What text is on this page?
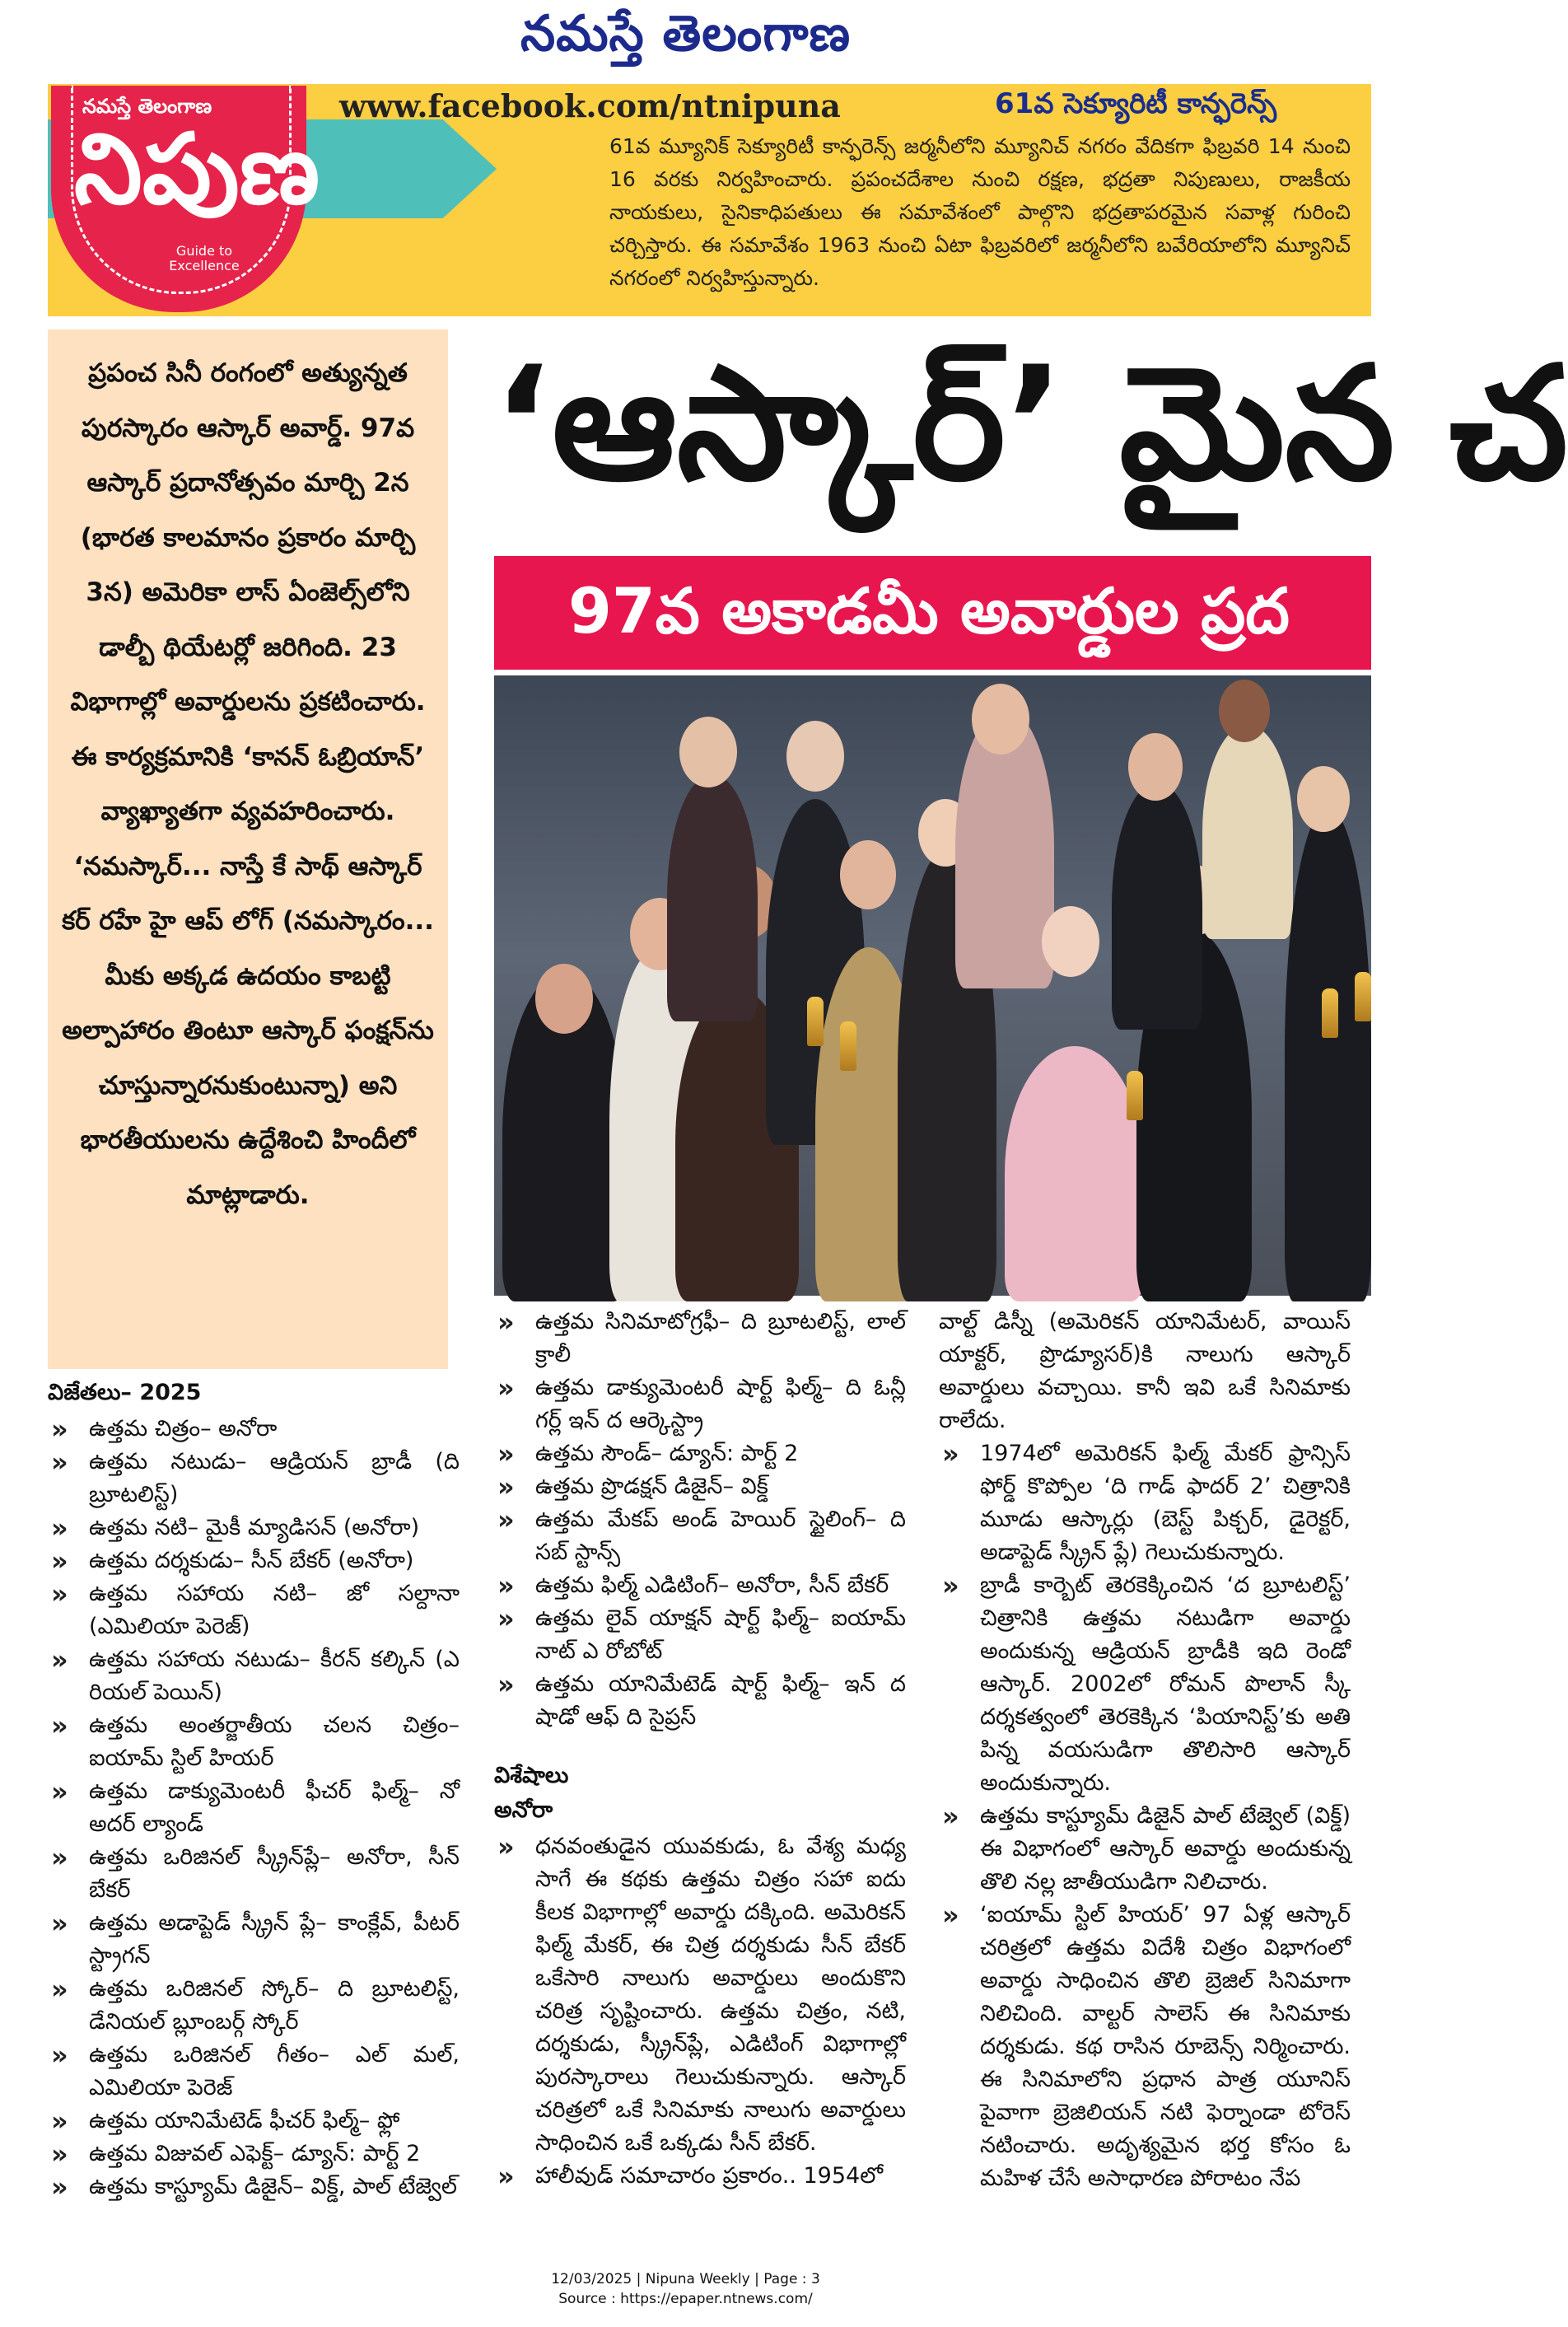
నమస్తే తెలంగాణ
నమస్తే తెలంగాణ
నిపుణ
Guide to Excellence
www.facebook.com/ntnipuna	61వ సెక్యూరిటీ కాన్ఫరెన్స్
61వ మ్యూనిక్ సెక్యూరిటీ కాన్ఫరెన్స్ జర్మనీలోని మ్యూనిచ్ నగరం వేదికగా ఫిబ్రవరి 14 నుంచి 16 వరకు నిర్వహించారు. ప్రపంచదేశాల నుంచి రక్షణ, భద్రతా నిపుణులు, రాజకీయ నాయకులు, సైనికాధిపతులు ఈ సమావేశంలో పాల్గొని భద్రతాపరమైన సవాళ్ల గురించి చర్చిస్తారు. ఈ సమావేశం 1963 నుంచి ఏటా ఫిబ్రవరిలో జర్మనీలోని బవేరియాలోని మ్యూనిచ్ నగరంలో నిర్వహిస్తున్నారు.
ప్రపంచ సినీ రంగంలో అత్యున్నత పురస్కారం ఆస్కార్ అవార్డ్. 97వ ఆస్కార్ ప్రదానోత్సవం మార్చి 2న (భారత కాలమానం ప్రకారం మార్చి 3న) అమెరికా లాస్ ఏంజెల్స్‌లోని డాల్బీ థియేటర్లో జరిగింది. 23 విభాగాల్లో అవార్డులను ప్రకటించారు. ఈ కార్యక్రమానికి ‘కానన్ ఓబ్రియాన్’ వ్యాఖ్యాతగా వ్యవహరించారు. ‘నమస్కార్... నాస్తే కే సాథ్ ఆస్కార్ కర్ రహే హై ఆప్ లోగ్ (నమస్కారం... మీకు అక్కడ ఉదయం కాబట్టి అల్పాహారం తింటూ ఆస్కార్ ఫంక్షన్‌ను చూస్తున్నారనుకుంటున్నా) అని భారతీయులను ఉద్దేశించి హిందీలో మాట్లాడారు.
‘ఆస్కార్’ మైన చ
97వ అకాడమీ అవార్డుల ప్రద
విజేతలు– 2025
» ఉత్తమ చిత్రం– అనోరా
» ఉత్తమ నటుడు– ఆడ్రియన్ బ్రాడీ (ది బ్రూటలిస్ట్)
» ఉత్తమ నటి– మైకీ మ్యాడిసన్ (అనోరా)
» ఉత్తమ దర్శకుడు– సీన్ బేకర్ (అనోరా)
» ఉత్తమ సహాయ నటి– జో సల్దానా (ఎమిలియా పెరెజ్)
» ఉత్తమ సహాయ నటుడు– కీరన్ కల్కిన్ (ఎ రియల్ పెయిన్)
» ఉత్తమ అంతర్జాతీయ చలన చిత్రం– ఐయామ్ స్టిల్ హియర్
» ఉత్తమ డాక్యుమెంటరీ ఫీచర్ ఫిల్మ్– నో అదర్ ల్యాండ్
» ఉత్తమ ఒరిజినల్ స్క్రీన్‌ప్లే– అనోరా, సీన్ బేకర్
» ఉత్తమ అడాప్టెడ్ స్క్రీన్ ప్లే– కాంక్లేవ్, పీటర్ స్ట్రాగన్
» ఉత్తమ ఒరిజినల్ స్కోర్– ది బ్రూటలిస్ట్, డేనియల్ బ్లూంబర్గ్ స్కోర్
» ఉత్తమ ఒరిజినల్ గీతం– ఎల్ మల్, ఎమిలియా పెరెజ్
» ఉత్తమ యానిమేటెడ్ ఫీచర్ ఫిల్మ్– ఫ్లో
» ఉత్తమ విజువల్ ఎఫెక్ట్– డ్యూన్: పార్ట్ 2
» ఉత్తమ కాస్ట్యూమ్ డిజైన్– విక్డ్, పాల్ టేజ్వెల్
» ఉత్తమ సినిమాటోగ్రఫీ– ది బ్రూటలిస్ట్, లాల్ క్రాలీ
» ఉత్తమ డాక్యుమెంటరీ షార్ట్ ఫిల్మ్– ది ఓన్లీ గర్ల్ ఇన్ ద ఆర్కెస్ట్రా
» ఉత్తమ సౌండ్– డ్యూన్: పార్ట్ 2
» ఉత్తమ ప్రొడక్షన్ డిజైన్– విక్డ్
» ఉత్తమ మేకప్ అండ్ హెయిర్ స్టైలింగ్– ది సబ్ స్టాన్స్
» ఉత్తమ ఫిల్మ్ ఎడిటింగ్– అనోరా, సీన్ బేకర్
» ఉత్తమ లైవ్ యాక్షన్ షార్ట్ ఫిల్మ్– ఐయామ్ నాట్ ఎ రోబోట్
» ఉత్తమ యానిమేటెడ్ షార్ట్ ఫిల్మ్– ఇన్ ద షాడో ఆఫ్ ది సైప్రస్
విశేషాలు
అనోరా
» ధనవంతుడైన యువకుడు, ఓ వేశ్య మధ్య సాగే ఈ కథకు ఉత్తమ చిత్రం సహా ఐదు కీలక విభాగాల్లో అవార్డు దక్కింది. అమెరికన్ ఫిల్మ్ మేకర్, ఈ చిత్ర దర్శకుడు సీన్ బేకర్ ఒకేసారి నాలుగు అవార్డులు అందుకొని చరిత్ర సృష్టించారు. ఉత్తమ చిత్రం, నటి, దర్శకుడు, స్క్రీన్‌ప్లే, ఎడిటింగ్ విభాగాల్లో పురస్కారాలు గెలుచుకున్నారు. ఆస్కార్ చరిత్రలో ఒకే సినిమాకు నాలుగు అవార్డులు సాధించిన ఒకే ఒక్కడు సీన్ బేకర్.
» హాలీవుడ్ సమాచారం ప్రకారం.. 1954లో
వాల్ట్ డిస్నీ (అమెరికన్ యానిమేటర్, వాయిస్ యాక్టర్, ప్రొడ్యూసర్)కి నాలుగు ఆస్కార్ అవార్డులు వచ్చాయి. కానీ ఇవి ఒకే సినిమాకు రాలేదు.
» 1974లో అమెరికన్ ఫిల్మ్ మేకర్ ఫ్రాన్సిస్ ఫోర్డ్ కొప్పోల ‘ది గాడ్ ఫాదర్ 2’ చిత్రానికి మూడు ఆస్కార్లు (బెస్ట్ పిక్చర్, డైరెక్టర్, అడాప్టెడ్ స్క్రీన్ ప్లే) గెలుచుకున్నారు.
» బ్రాడీ కార్బెట్ తెరకెక్కించిన ‘ద బ్రూటలిస్ట్’ చిత్రానికి ఉత్తమ నటుడిగా అవార్డు అందుకున్న ఆడ్రియన్ బ్రాడీకి ఇది రెండో ఆస్కార్. 2002లో రోమన్ పొలాన్ స్కీ దర్శకత్వంలో తెరకెక్కిన ‘పియానిస్ట్’కు అతి పిన్న వయసుడిగా తొలిసారి ఆస్కార్ అందుకున్నారు.
» ఉత్తమ కాస్ట్యూమ్ డిజైన్ పాల్ టేజ్వెల్ (విక్డ్) ఈ విభాగంలో ఆస్కార్ అవార్డు అందుకున్న తొలి నల్ల జాతీయుడిగా నిలిచారు.
» ‘ఐయామ్ స్టిల్ హియర్’ 97 ఏళ్ల ఆస్కార్ చరిత్రలో ఉత్తమ విదేశీ చిత్రం విభాగంలో అవార్డు సాధించిన తొలి బ్రెజిల్ సినిమాగా నిలిచింది. వాల్టర్ సాలెస్ ఈ సినిమాకు దర్శకుడు. కథ రాసిన రూబెన్స్ నిర్మించారు. ఈ సినిమాలోని ప్రధాన పాత్ర యూనిస్ పైవాగా బ్రెజిలియన్ నటి ఫెర్నాండా టోరెస్ నటించారు. అదృశ్యమైన భర్త కోసం ఓ మహిళ చేసే అసాధారణ పోరాటం నేప
12/03/2025 | Nipuna Weekly | Page : 3
Source : https://epaper.ntnews.com/
